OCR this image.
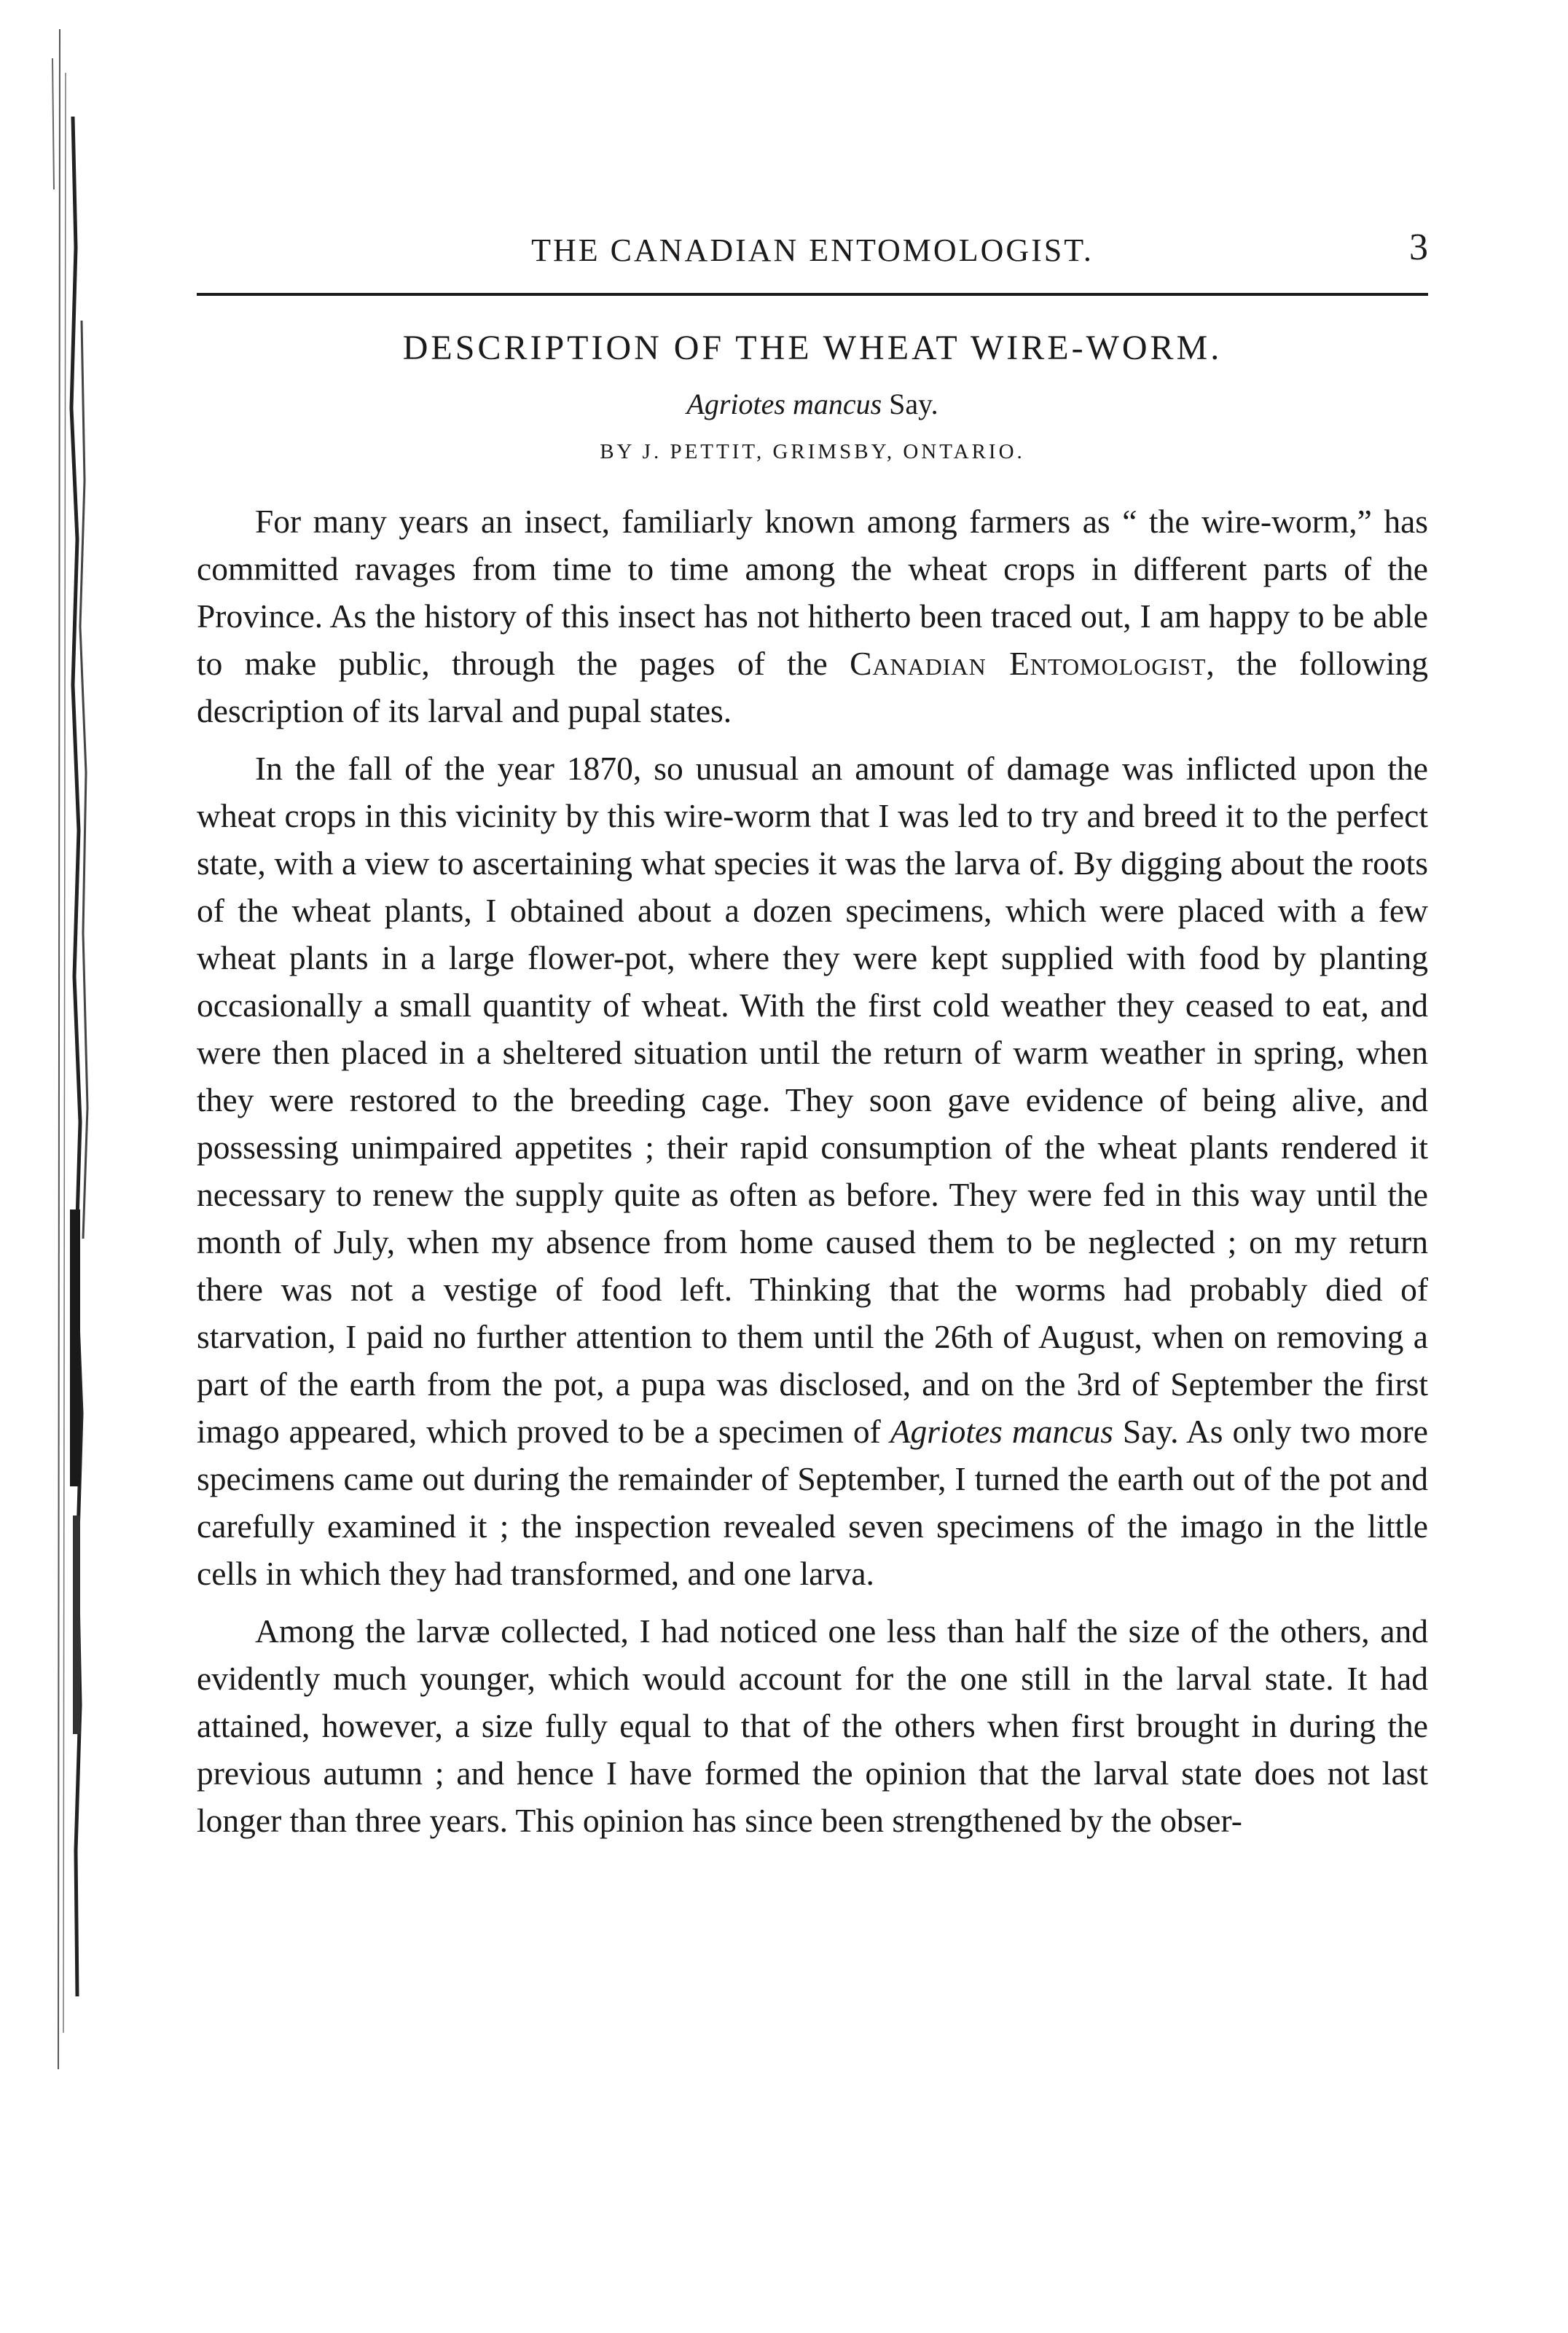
THE CANADIAN ENTOMOLOGIST.	3
DESCRIPTION OF THE WHEAT WIRE-WORM.
Agriotes mancus Say.
BY J. PETTIT, GRIMSBY, ONTARIO.

For many years an insect, familiarly known among farmers as “ the wire-worm,” has committed ravages from time to time among the wheat crops in different parts of the Province. As the history of this insect has not hitherto been traced out, I am happy to be able to make public, through the pages of the Canadian Entomologist, the following description of its larval and pupal states.

In the fall of the year 1870, so unusual an amount of damage was inflicted upon the wheat crops in this vicinity by this wire-worm that I was led to try and breed it to the perfect state, with a view to ascertaining what species it was the larva of. By digging about the roots of the wheat plants, I obtained about a dozen specimens, which were placed with a few wheat plants in a large flower-pot, where they were kept supplied with food by planting occasionally a small quantity of wheat. With the first cold weather they ceased to eat, and were then placed in a sheltered situation until the return of warm weather in spring, when they were restored to the breeding cage. They soon gave evidence of being alive, and possessing unimpaired appetites ; their rapid consumption of the wheat plants rendered it necessary to renew the supply quite as often as before. They were fed in this way until the month of July, when my absence from home caused them to be neglected ; on my return there was not a vestige of food left. Thinking that the worms had probably died of starvation, I paid no further attention to them until the 26th of August, when on removing a part of the earth from the pot, a pupa was disclosed, and on the 3rd of September the first imago appeared, which proved to be a specimen of Agriotes mancus Say. As only two more specimens came out during the remainder of September, I turned the earth out of the pot and carefully examined it ; the inspection revealed seven specimens of the imago in the little cells in which they had transformed, and one larva.

Among the larvæ collected, I had noticed one less than half the size of the others, and evidently much younger, which would account for the one still in the larval state. It had attained, however, a size fully equal to that of the others when first brought in during the previous autumn ; and hence I have formed the opinion that the larval state does not last longer than three years. This opinion has since been strengthened by the obser-
